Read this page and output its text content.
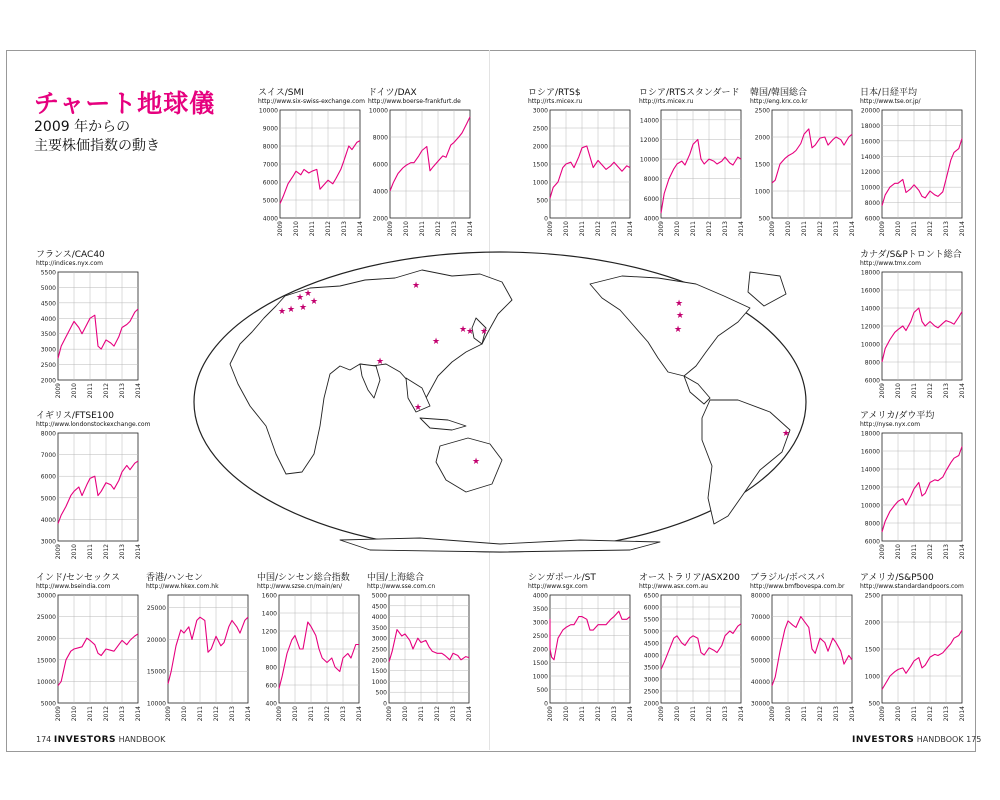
チャート地球儀
2009 年からの
主要株価指数の動き
★ ★
★
★
★
★
★
★
★
★ ★
★
★
★
★
★
★
★
スイス/SMI
http://www.six-swiss-exchange.com
4000
5000
6000
7000
8000
9000
10000
2009 2010 2011 2012 2013 2014
ドイツ/DAX
http://www.boerse-frankfurt.de
2000
4000
6000
8000
10000
2009 2010 2011 2012 2013 2014
ロシア/RTS$
http://rts.micex.ru
0
500
1000
1500
2000
2500
3000
2009 2010 2011 2012 2013 2014
ロシア/RTSスタンダード
http://rts.micex.ru
4000
6000
8000
10000
12000
14000
2009 2010 2011 2012 2013 2014
韓国/韓国総合
http://eng.krx.co.kr
500
1000
1500
2000
2500
2009 2010 2011 2012 2013 2014
日本/日経平均
http://www.tse.or.jp/
6000
8000
10000
12000
14000
16000
18000
20000
2009 2010 2011 2012 2013 2014
フランス/CAC40
http://indices.nyx.com
2000
2500
3000
3500
4000
4500
5000
5500
2009 2010 2011 2012 2013 2014
カナダ/S&Pトロント総合
http://www.tmx.com
6000
8000
10000
12000
14000
16000
18000
2009 2010 2011 2012 2013 2014
イギリス/FTSE100
http://www.londonstockexchange.com
3000
4000
5000
6000
7000
8000
2009 2010 2011 2012 2013 2014
アメリカ/ダウ平均
http://nyse.nyx.com
6000
8000
10000
12000
14000
16000
18000
2009 2010 2011 2012 2013 2014
インド/センセックス
http://www.bseindia.com
5000
10000
15000
20000
25000
30000
2009 2010 2011 2012 2013 2014
香港/ハンセン
http://www.hkex.com.hk
10000
15000
20000
25000
2009 2010 2011 2012 2013 2014
中国/シンセン総合指数
http://www.szse.cn/main/en/
400
600
800
1000
1200
1400
1600
2009 2010 2011 2012 2013 2014
中国/上海総合
http://www.sse.com.cn
0
500
1000
1500
2000
2500
3000
3500
4000
4500
5000
2009 2010 2011 2012 2013 2014
シンガポール/ST
http://www.sgx.com
0
500
1000
1500
2000
2500
3000
3500
4000
2009 2010 2011 2012 2013 2014
オーストラリア/ASX200
http://www.asx.com.au
2000
2500
3000
3500
4000
4500
5000
5500
6000
6500
2009 2010 2011 2012 2013 2014
ブラジル/ボベスパ
http://www.bmfbovespa.com.br
30000
40000
50000
60000
70000
80000
2009 2010 2011 2012 2013 2014
アメリカ/S&P500
http://www.standardandpoors.com
500
1000
1500
2000
2500
2009 2010 2011 2012 2013 2014
174 INVESTORS HANDBOOK	INVESTORS HANDBOOK 175
